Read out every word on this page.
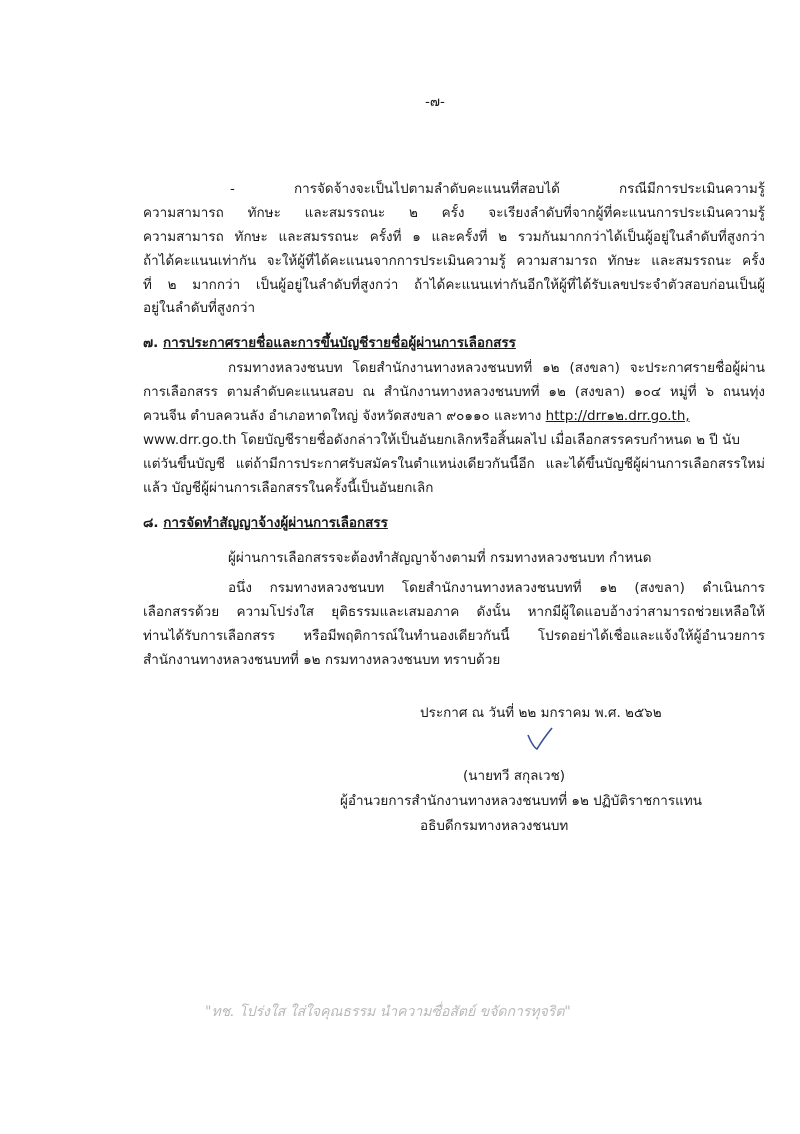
-๗-
- การจัดจ้างจะเป็นไปตามลำดับคะแนนที่สอบได้ กรณีมีการประเมินความรู้
ความสามารถ ทักษะ และสมรรถนะ ๒ ครั้ง จะเรียงลำดับที่จากผู้ที่คะแนนการประเมินความรู้
ความสามารถ ทักษะ และสมรรถนะ ครั้งที่ ๑ และครั้งที่ ๒ รวมกันมากกว่าได้เป็นผู้อยู่ในลำดับที่สูงกว่า
ถ้าได้คะแนนเท่ากัน จะให้ผู้ที่ได้คะแนนจากการประเมินความรู้ ความสามารถ ทักษะ และสมรรถนะ ครั้ง
ที่ ๒ มากกว่า เป็นผู้อยู่ในลำดับที่สูงกว่า ถ้าได้คะแนนเท่ากันอีกให้ผู้ที่ได้รับเลขประจำตัวสอบก่อนเป็นผู้
อยู่ในลำดับที่สูงกว่า
๗. การประกาศรายชื่อและการขึ้นบัญชีรายชื่อผู้ผ่านการเลือกสรร
กรมทางหลวงชนบท โดยสำนักงานทางหลวงชนบทที่ ๑๒ (สงขลา) จะประกาศรายชื่อผู้ผ่าน
การเลือกสรร ตามลำดับคะแนนสอบ ณ สำนักงานทางหลวงชนบทที่ ๑๒ (สงขลา) ๑๐๔ หมู่ที่ ๖ ถนนทุ่ง
ควนจีน ตำบลควนลัง อำเภอหาดใหญ่ จังหวัดสงขลา ๙๐๑๑๐ และทาง http://drr๑๒.drr.go.th,
www.drr.go.th โดยบัญชีรายชื่อดังกล่าวให้เป็นอันยกเลิกหรือสิ้นผลไป เมื่อเลือกสรรครบกำหนด ๒ ปี นับ
แต่วันขึ้นบัญชี แต่ถ้ามีการประกาศรับสมัครในตำแหน่งเดียวกันนี้อีก และได้ขึ้นบัญชีผู้ผ่านการเลือกสรรใหม่
แล้ว บัญชีผู้ผ่านการเลือกสรรในครั้งนี้เป็นอันยกเลิก
๘. การจัดทำสัญญาจ้างผู้ผ่านการเลือกสรร
ผู้ผ่านการเลือกสรรจะต้องทำสัญญาจ้างตามที่ กรมทางหลวงชนบท กำหนด
อนึ่ง กรมทางหลวงชนบท โดยสำนักงานทางหลวงชนบทที่ ๑๒ (สงขลา) ดำเนินการ
เลือกสรรด้วย ความโปร่งใส ยุติธรรมและเสมอภาค ดังนั้น หากมีผู้ใดแอบอ้างว่าสามารถช่วยเหลือให้
ท่านได้รับการเลือกสรร หรือมีพฤติการณ์ในทำนองเดียวกันนี้ โปรดอย่าได้เชื่อและแจ้งให้ผู้อำนวยการ
สำนักงานทางหลวงชนบทที่ ๑๒ กรมทางหลวงชนบท ทราบด้วย
ประกาศ ณ วันที่ ๒๒ มกราคม พ.ศ. ๒๕๖๒
(นายทวี สกุลเวช)
ผู้อำนวยการสำนักงานทางหลวงชนบทที่ ๑๒ ปฏิบัติราชการแทน
อธิบดีกรมทางหลวงชนบท
"ทช. โปร่งใส ใส่ใจคุณธรรม นำความซื่อสัตย์ ขจัดการทุจริต"
